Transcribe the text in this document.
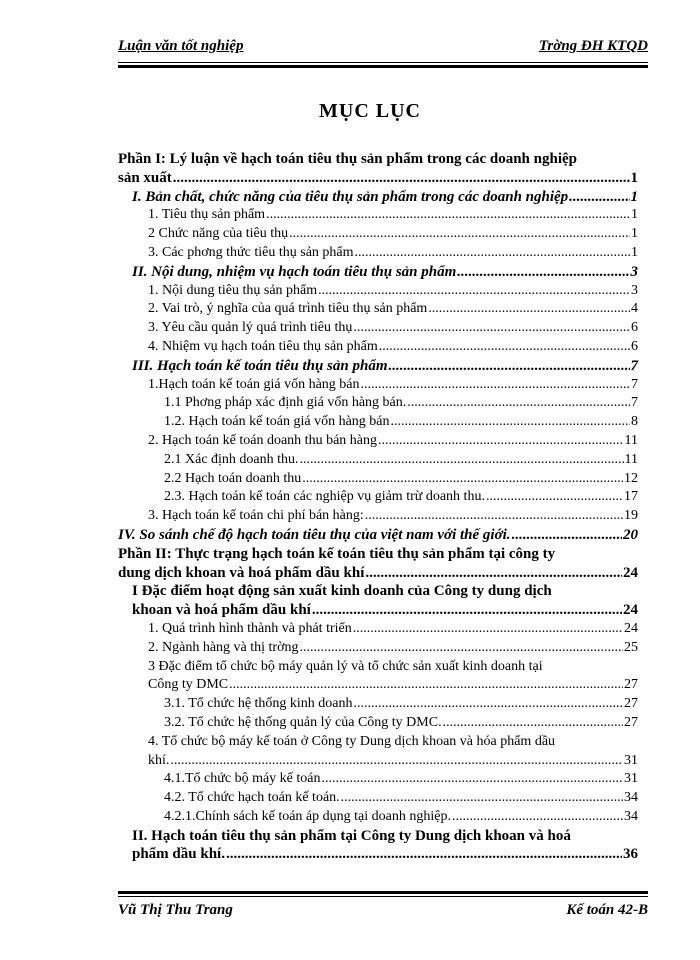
Luận văn tốt nghiệp	Trờng ĐH KTQD
MỤC LỤC
Phần I: Lý luận về hạch toán tiêu thụ sản phẩm trong các doanh nghiệp
sản xuất .....	1
I. Bản chất, chức năng của tiêu thụ sản phẩm trong các doanh nghiệp .....	1
1. Tiêu thụ sản phẩm .....	1
2 Chức năng của tiêu thụ .....	1
3. Các phơng thức tiêu thụ sản phẩm .....	1
II. Nội dung, nhiệm vụ hạch toán tiêu thụ sản phẩm .....	3
1. Nội dung tiêu thụ sản phẩm .....	3
2. Vai trò, ý nghĩa của quá trình tiêu thụ sản phẩm .....	4
3. Yêu cầu quản lý quá trình tiêu thụ .....	6
4. Nhiệm vụ hạch toán tiêu thụ sản phẩm .....	6
III. Hạch toán kế toán tiêu thụ sản phẩm .....	7
1.Hạch toán kế toán giá vốn hàng bán .....	7
1.1 Phơng pháp xác định giá vốn hàng bán. .....	7
1.2. Hạch toán kế toán giá vốn hàng bán .....	8
2. Hạch toán kế toán doanh thu bán hàng .....	11
2.1 Xác định doanh thu. .....	11
2.2 Hạch toán doanh thu .....	12
2.3. Hạch toán kế toán các nghiệp vụ giảm trừ doanh thu. .....	17
3. Hạch toán kế toán chi phí bán hàng: .....	19
IV. So sánh chế độ hạch toán tiêu thụ của việt nam với thế giới. .....	20
Phần II: Thực trạng hạch toán kế toán tiêu thụ sản phẩm tại công ty
dung dịch khoan và hoá phẩm dầu khí .....	24
I Đặc điểm hoạt động sản xuất kinh doanh của Công ty dung dịch
khoan và hoá phẩm dầu khí .....	24
1. Quá trình hình thành và phát triển .....	24
2. Ngành hàng và thị trờng .....	25
3 Đặc điểm tổ chức bộ máy quản lý và tổ chức sản xuất kinh doanh tại
Công ty DMC .....	27
3.1. Tổ chức hệ thống kinh doanh .....	27
3.2. Tổ chức hệ thống quản lý của Công ty DMC. .....	27
4. Tổ chức bộ máy kế toán ở Công ty Dung dịch khoan và hóa phẩm dầu
khí. .....	31
4.1.Tổ chức bộ máy kế toán .....	31
4.2. Tổ chức hạch toán kế toán. .....	34
4.2.1.Chính sách kế toán áp dụng tại doanh nghiệp. .....	34
II. Hạch toán tiêu thụ sản phẩm tại Công ty Dung dịch khoan và hoá
phẩm dầu khí. .....	36
Vũ Thị Thu Trang	Kế toán 42-B
